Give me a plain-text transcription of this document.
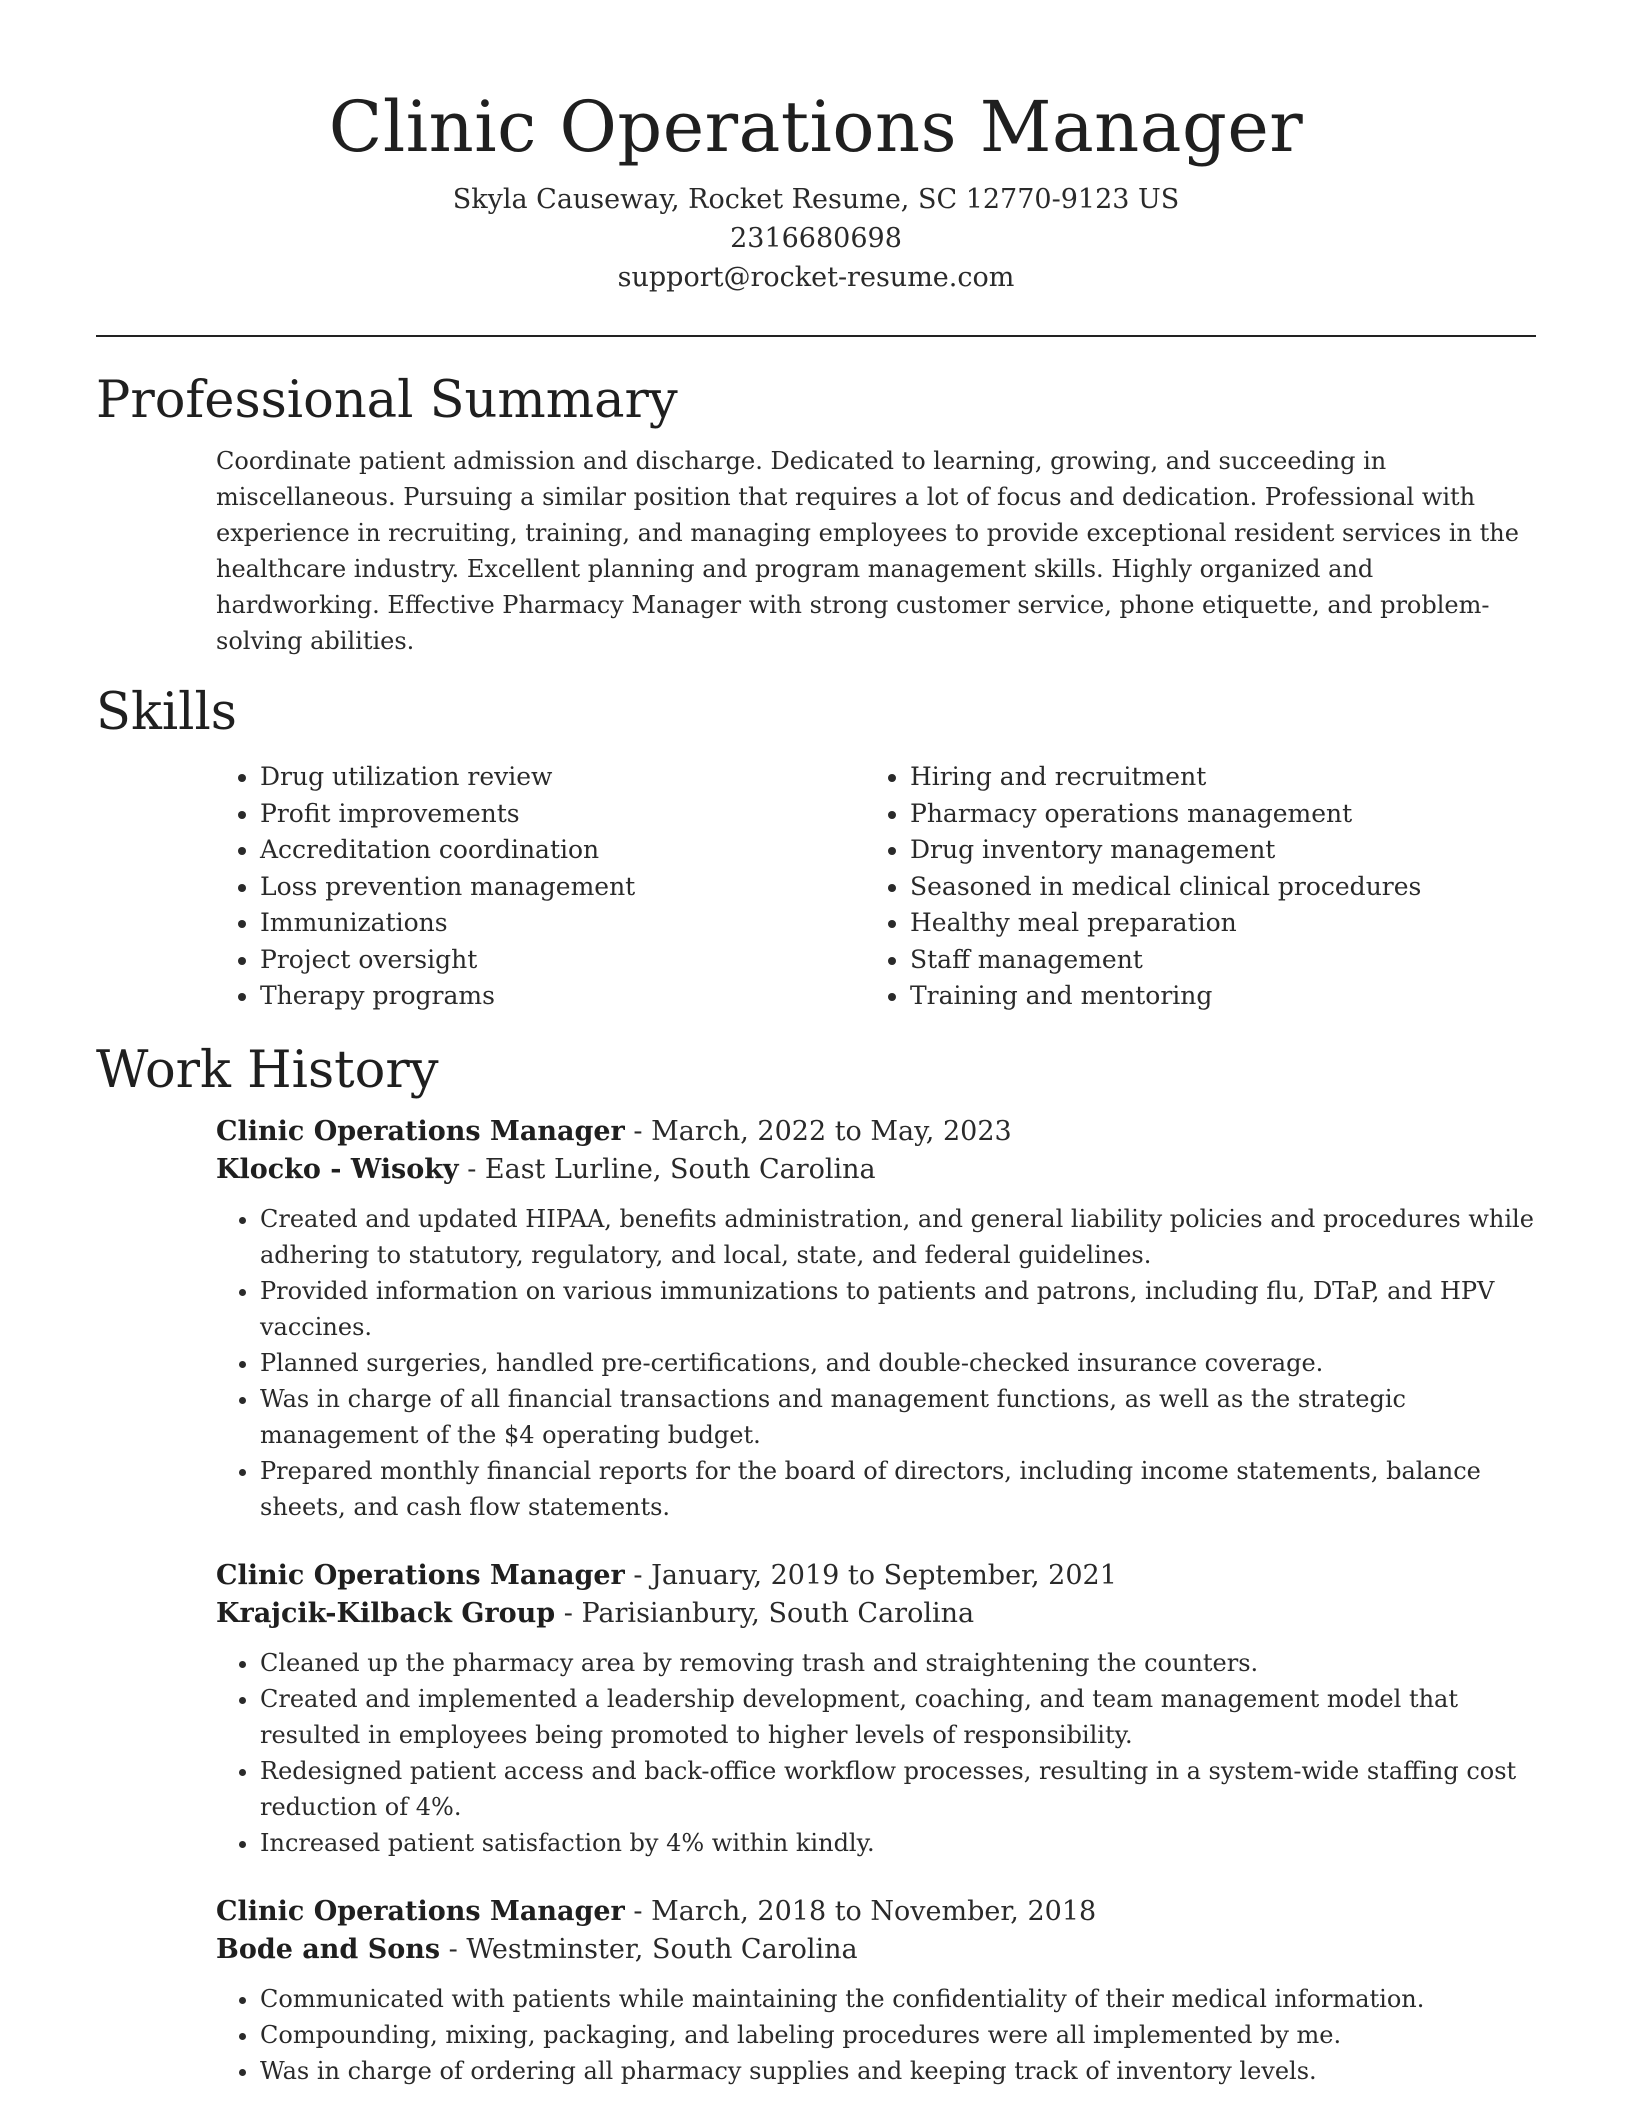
Clinic Operations Manager
Skyla Causeway, Rocket Resume, SC 12770-9123 US
2316680698
support@rocket-resume.com
Professional Summary

Coordinate patient admission and discharge. Dedicated to learning, growing, and succeeding in miscellaneous. Pursuing a similar position that requires a lot of focus and dedication. Professional with experience in recruiting, training, and managing employees to provide exceptional resident services in the healthcare industry. Excellent planning and program management skills. Highly organized and hardworking. Effective Pharmacy Manager with strong customer service, phone etiquette, and problem-solving abilities.

Skills
• Drug utilization review
• Profit improvements
• Accreditation coordination
• Loss prevention management
• Immunizations
• Project oversight
• Therapy programs
• Hiring and recruitment
• Pharmacy operations management
• Drug inventory management
• Seasoned in medical clinical procedures
• Healthy meal preparation
• Staff management
• Training and mentoring
Work History
Clinic Operations Manager - March, 2022 to May, 2023
Klocko - Wisoky - East Lurline, South Carolina
• Created and updated HIPAA, benefits administration, and general liability policies and procedures while adhering to statutory, regulatory, and local, state, and federal guidelines.
• Provided information on various immunizations to patients and patrons, including flu, DTaP, and HPV vaccines.
• Planned surgeries, handled pre-certifications, and double-checked insurance coverage.
• Was in charge of all financial transactions and management functions, as well as the strategic management of the $4 operating budget.
• Prepared monthly financial reports for the board of directors, including income statements, balance sheets, and cash flow statements.
Clinic Operations Manager - January, 2019 to September, 2021
Krajcik-Kilback Group - Parisianbury, South Carolina
• Cleaned up the pharmacy area by removing trash and straightening the counters.
• Created and implemented a leadership development, coaching, and team management model that resulted in employees being promoted to higher levels of responsibility.
• Redesigned patient access and back-office workflow processes, resulting in a system-wide staffing cost reduction of 4%.
• Increased patient satisfaction by 4% within kindly.
Clinic Operations Manager - March, 2018 to November, 2018
Bode and Sons - Westminster, South Carolina
• Communicated with patients while maintaining the confidentiality of their medical information.
• Compounding, mixing, packaging, and labeling procedures were all implemented by me.
• Was in charge of ordering all pharmacy supplies and keeping track of inventory levels.
